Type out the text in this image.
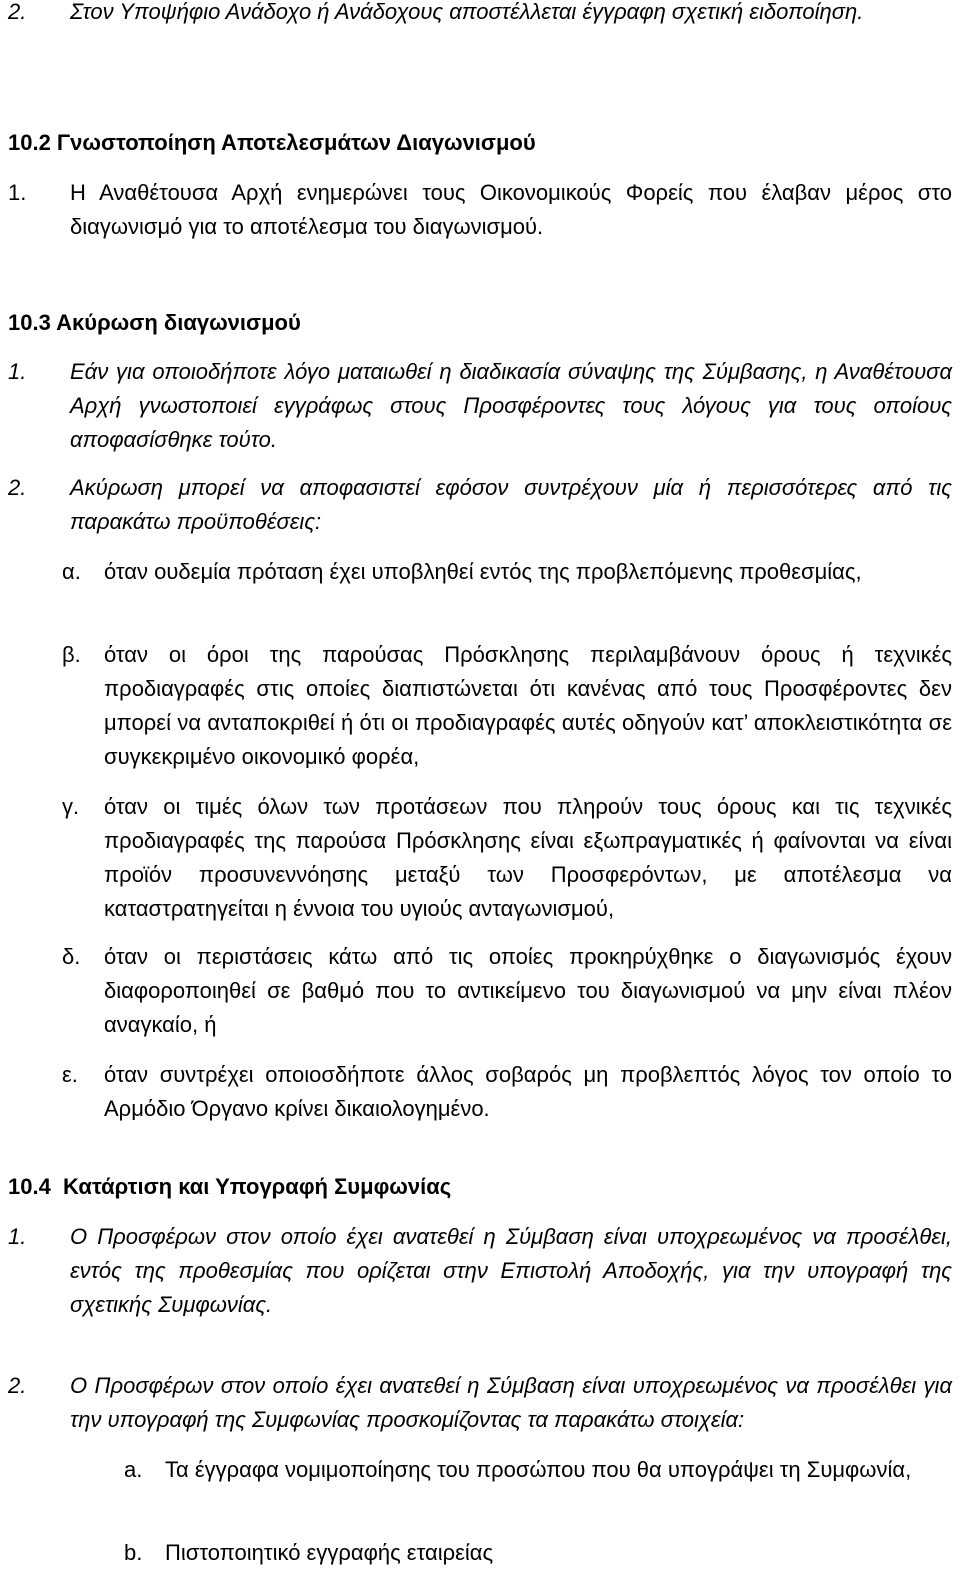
2.	Στον Υποψήφιο Ανάδοχο ή Ανάδοχους αποστέλλεται έγγραφη σχετική ειδοποίηση.
10.2 Γνωστοποίηση Αποτελεσμάτων Διαγωνισμού
1.	Η Αναθέτουσα Αρχή ενημερώνει τους Οικονομικούς Φορείς που έλαβαν μέρος στο διαγωνισμό για το αποτέλεσμα του διαγωνισμού.
10.3 Ακύρωση διαγωνισμού
1.	Εάν για οποιοδήποτε λόγο ματαιωθεί η διαδικασία σύναψης της Σύμβασης, η Αναθέτουσα Αρχή γνωστοποιεί εγγράφως στους Προσφέροντες τους λόγους για τους οποίους αποφασίσθηκε τούτο.
2.	Ακύρωση μπορεί να αποφασιστεί εφόσον συντρέχουν μία ή περισσότερες από τις παρακάτω προϋποθέσεις:
α.	όταν ουδεμία πρόταση έχει υποβληθεί εντός της προβλεπόμενης προθεσμίας,
β.	όταν οι όροι της παρούσας Πρόσκλησης περιλαμβάνουν όρους ή τεχνικές προδιαγραφές στις οποίες διαπιστώνεται ότι κανένας από τους Προσφέροντες δεν μπορεί να ανταποκριθεί ή ότι οι προδιαγραφές αυτές οδηγούν κατ’ αποκλειστικότητα σε συγκεκριμένο οικονομικό φορέα,
γ.	όταν οι τιμές όλων των προτάσεων που πληρούν τους όρους και τις τεχνικές προδιαγραφές της παρούσα Πρόσκλησης είναι εξωπραγματικές ή φαίνονται να είναι προϊόν προσυνεννόησης μεταξύ των Προσφερόντων, με αποτέλεσμα να καταστρατηγείται η έννοια του υγιούς ανταγωνισμού,
δ.	όταν οι περιστάσεις κάτω από τις οποίες προκηρύχθηκε ο διαγωνισμός έχουν διαφοροποιηθεί σε βαθμό που το αντικείμενο του διαγωνισμού να μην είναι πλέον αναγκαίο, ή
ε.	όταν συντρέχει οποιοσδήποτε άλλος σοβαρός μη προβλεπτός λόγος τον οποίο το Αρμόδιο Όργανο κρίνει δικαιολογημένο.
10.4  Κατάρτιση και Υπογραφή Συμφωνίας
1.	Ο Προσφέρων στον οποίο έχει ανατεθεί η Σύμβαση είναι υποχρεωμένος να προσέλθει, εντός της προθεσμίας που ορίζεται στην Επιστολή Αποδοχής, για την υπογραφή της σχετικής Συμφωνίας.
2.	Ο Προσφέρων στον οποίο έχει ανατεθεί η Σύμβαση είναι υποχρεωμένος να προσέλθει για την υπογραφή της Συμφωνίας προσκομίζοντας τα παρακάτω στοιχεία:
a.	Τα έγγραφα νομιμοποίησης του προσώπου που θα υπογράψει τη Συμφωνία,
b.	Πιστοποιητικό εγγραφής εταιρείας
